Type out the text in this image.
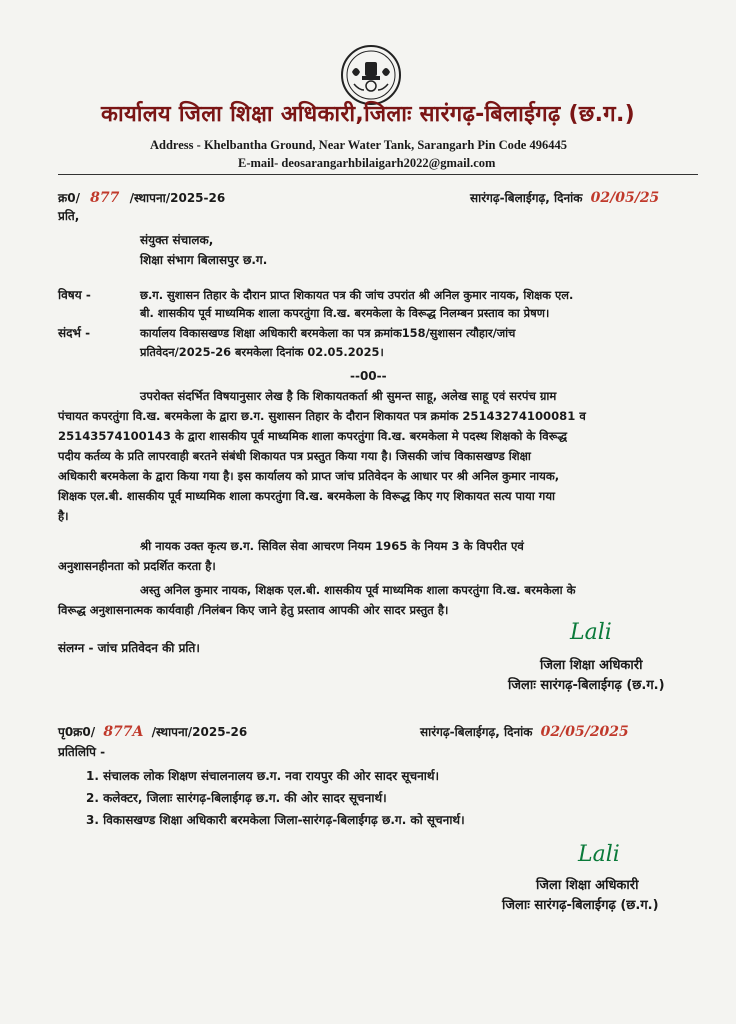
कार्यालय जिला शिक्षा अधिकारी,जिलाः सारंगढ़-बिलाईगढ़ (छ.ग.)
Address - Khelbantha Ground, Near Water Tank, Sarangarh Pin Code 496445
E-mail- deosarangarhbilaigarh2022@gmail.com
क्र0/ 877 /स्थापना/2025-26	सारंगढ़-बिलाईगढ़, दिनांक 02/05/25
प्रति,
संयुक्त संचालक,
शिक्षा संभाग बिलासपुर छ.ग.
विषय -	छ.ग. सुशासन तिहार के दौरान प्राप्त शिकायत पत्र की जांच उपरांत श्री अनिल कुमार नायक, शिक्षक एल.
बी. शासकीय पूर्व माध्यमिक शाला कपरतुंगा वि.ख. बरमकेला के विरूद्ध निलम्बन प्रस्ताव का प्रेषण।
संदर्भ -	कार्यालय विकासखण्ड शिक्षा अधिकारी बरमकेला का पत्र क्रमांक158/सुशासन त्यौहार/जांच
प्रतिवेदन/2025-26 बरमकेला दिनांक 02.05.2025।
--00--
उपरोक्त संदर्भित विषयानुसार लेख है कि शिकायतकर्ता श्री सुमन्त साहू, अलेख साहू एवं सरपंच ग्राम
पंचायत कपरतुंगा वि.ख. बरमकेला के द्वारा छ.ग. सुशासन तिहार के दौरान शिकायत पत्र क्रमांक 25143274100081 व
25143574100143 के द्वारा शासकीय पूर्व माध्यमिक शाला कपरतुंगा वि.ख. बरमकेला मे पदस्थ शिक्षको के विरूद्ध
पदीय कर्तव्य के प्रति लापरवाही बरतने संबंधी शिकायत पत्र प्रस्तुत किया गया है। जिसकी जांच विकासखण्ड शिक्षा
अधिकारी बरमकेला के द्वारा किया गया है। इस कार्यालय को प्राप्त जांच प्रतिवेदन के आधार पर श्री अनिल कुमार नायक,
शिक्षक एल.बी. शासकीय पूर्व माध्यमिक शाला कपरतुंगा वि.ख. बरमकेला के विरूद्ध किए गए शिकायत सत्य पाया गया
है।
श्री नायक उक्त कृत्य छ.ग. सिविल सेवा आचरण नियम 1965 के नियम 3 के विपरीत एवं
अनुशासनहीनता को प्रदर्शित करता है।
अस्तु अनिल कुमार नायक, शिक्षक एल.बी. शासकीय पूर्व माध्यमिक शाला कपरतुंगा वि.ख. बरमकेला के
विरूद्ध अनुशासनात्मक कार्यवाही /निलंबन किए जाने हेतु प्रस्ताव आपकी ओर सादर प्रस्तुत है।
संलग्न - जांच प्रतिवेदन की प्रति।
Lali
जिला शिक्षा अधिकारी
जिलाः सारंगढ़-बिलाईगढ़ (छ.ग.)
पृ0क्र0/ 877A /स्थापना/2025-26	सारंगढ़-बिलाईगढ़, दिनांक 02/05/2025
प्रतिलिपि -
1. संचालक लोक शिक्षण संचालनालय छ.ग. नवा रायपुर की ओर सादर सूचनार्थ।
2. कलेक्टर, जिलाः सारंगढ़-बिलाईगढ़ छ.ग. की ओर सादर सूचनार्थ।
3. विकासखण्ड शिक्षा अधिकारी बरमकेला जिला-सारंगढ़-बिलाईगढ़ छ.ग. को सूचनार्थ।
Lali
जिला शिक्षा अधिकारी
जिलाः सारंगढ़-बिलाईगढ़ (छ.ग.)
